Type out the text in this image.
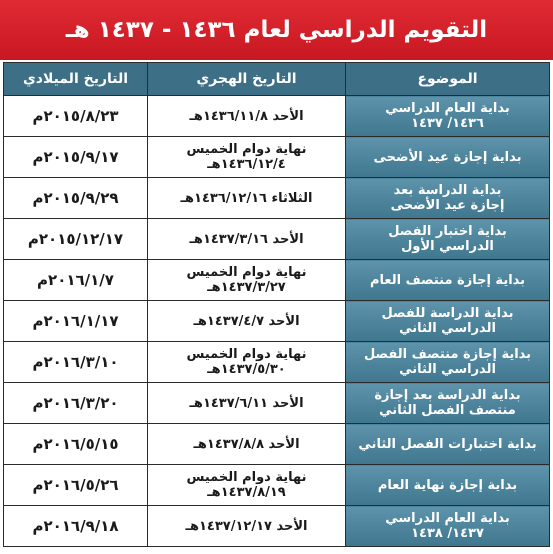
التقويم الدراسي لعام ١٤٣٦ - ١٤٣٧ هـ
الموضوع	التاريخ الهجري	التاريخ الميلادي

بداية العام الدراسي
١٤٣٦/ ١٤٣٧	الأحد ١٤٣٦/١١/٨هـ	٢٠١٥/٨/٢٣م

بداية إجازة عيد الأضحى	نهاية دوام الخميس
١٤٣٦/١٢/٤هـ	٢٠١٥/٩/١٧م

بداية الدراسة بعد
إجازة عيد الأضحى	الثلاثاء ١٤٣٦/١٢/١٦هـ	٢٠١٥/٩/٢٩م

بداية اختبار الفصل
الدراسي الأول	الأحد ١٤٣٧/٣/١٦هـ	٢٠١٥/١٢/١٧م

بداية إجازة منتصف العام	نهاية دوام الخميس
١٤٣٧/٣/٢٧هـ	٢٠١٦/١/٧م

بداية الدراسة للفصل
الدراسي الثاني	الأحد ١٤٣٧/٤/٧هـ	٢٠١٦/١/١٧م

بداية إجازة منتصف الفصل
الدراسي الثاني	نهاية دوام الخميس
١٤٣٧/٥/٣٠هـ	٢٠١٦/٣/١٠م

بداية الدراسة بعد إجازة
منتصف الفصل الثاني	الأحد ١٤٣٧/٦/١١هـ	٢٠١٦/٣/٢٠م

بداية اختبارات الفصل الثاني	الأحد ١٤٣٧/٨/٨هـ	٢٠١٦/٥/١٥م

بداية إجازة نهاية العام	نهاية دوام الخميس
١٤٣٧/٨/١٩هـ	٢٠١٦/٥/٢٦م

بداية العام الدراسي
١٤٣٧/ ١٤٣٨	الأحد ١٤٣٧/١٢/١٧هـ	٢٠١٦/٩/١٨م
